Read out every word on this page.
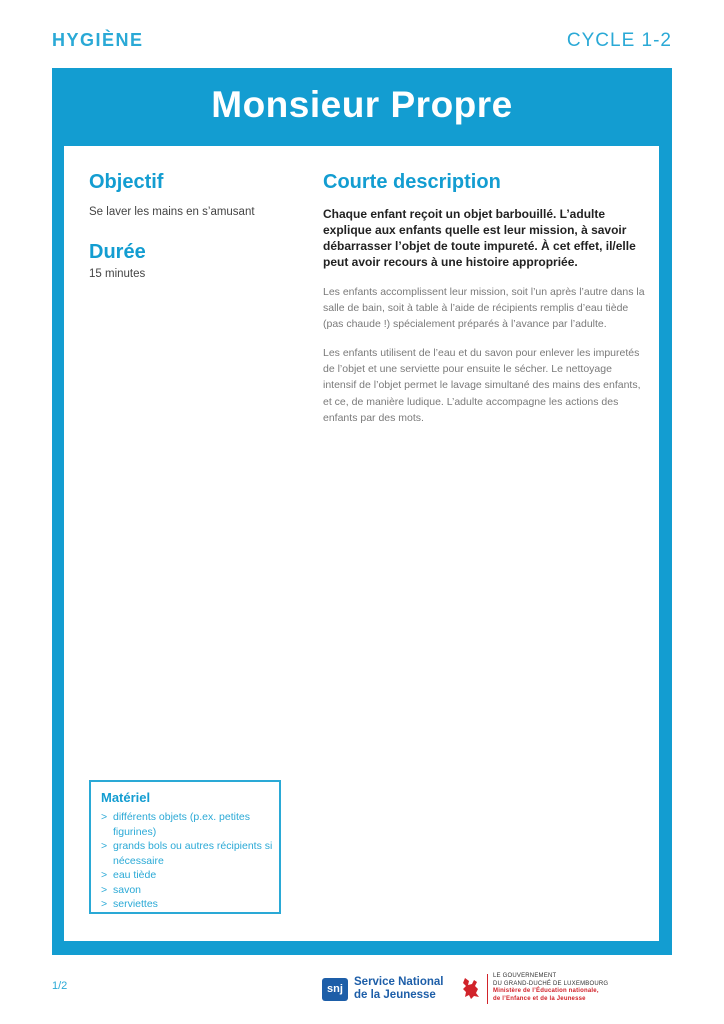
HYGIÈNE	CYCLE 1-2
Monsieur Propre
Objectif
Se laver les mains en s’amusant
Durée
15 minutes
Courte description
Chaque enfant reçoit un objet barbouillé. L’adulte explique aux enfants quelle est leur mission, à savoir débarrasser l’objet de toute impureté. À cet effet, il/elle peut avoir recours à une histoire appropriée.

Les enfants accomplissent leur mission, soit l’un après l’autre dans la salle de bain, soit à table à l’aide de récipients remplis d’eau tiède (pas chaude !) spécialement préparés à l’avance par l’adulte.

Les enfants utilisent de l’eau et du savon pour enlever les impuretés de l’objet et une serviette pour ensuite le sécher. Le nettoyage intensif de l’objet permet le lavage simultané des mains des enfants, et ce, de manière ludique. L’adulte accompagne les actions des enfants par des mots.

Matériel
> différents objets (p.ex. petites figurines)
> grands bols ou autres récipients si nécessaire
> eau tiède
> savon
> serviettes
1/2	snj
Service National
de la Jeunesse
LE GOUVERNEMENT
DU GRAND-DUCHÉ DE LUXEMBOURG
Ministère de l’Éducation nationale,
de l’Enfance et de la Jeunesse
